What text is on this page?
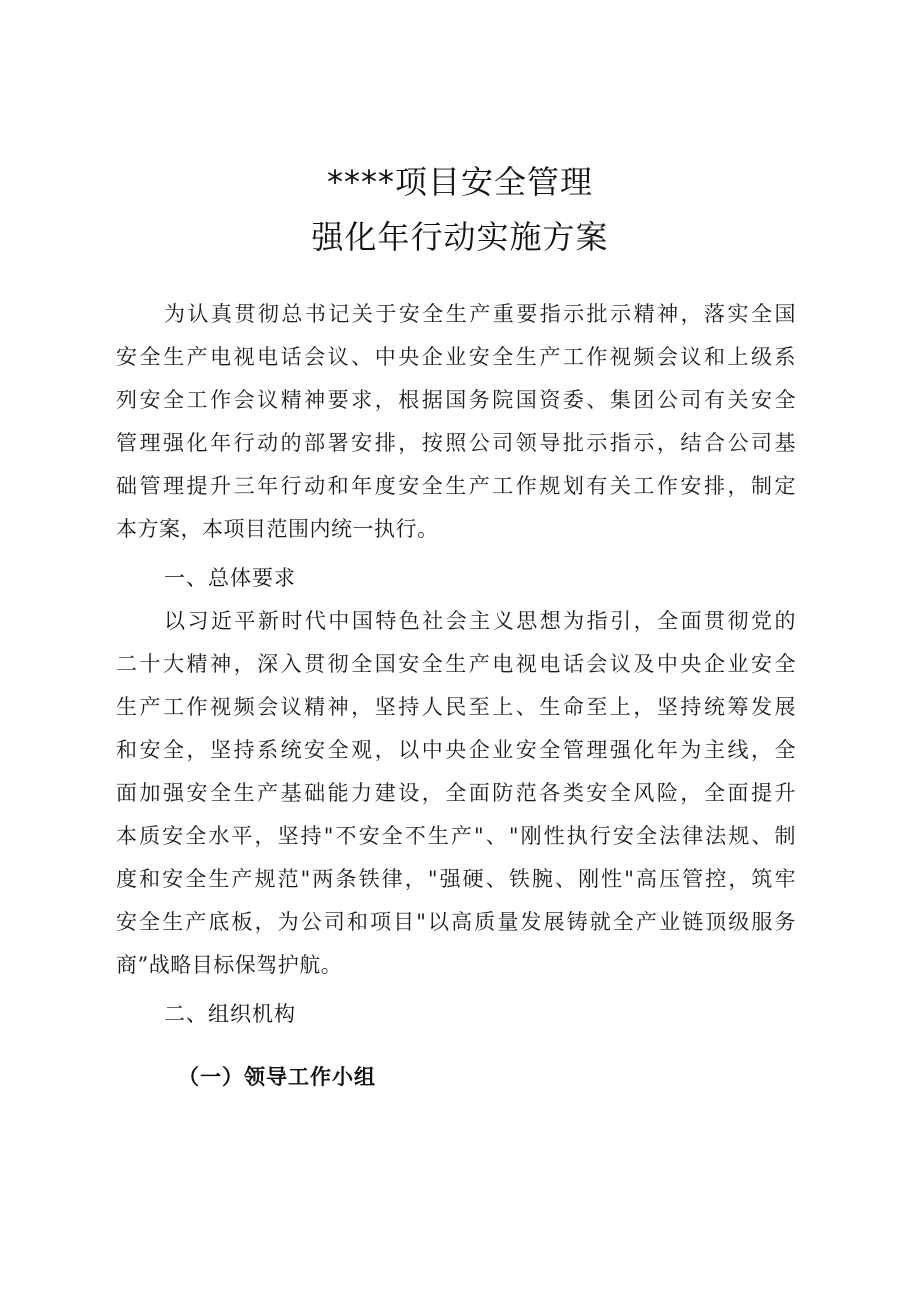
****项目安全管理
强化年行动实施方案
为认真贯彻总书记关于安全生产重要指示批示精神，落实全国
安全生产电视电话会议、中央企业安全生产工作视频会议和上级系
列安全工作会议精神要求，根据国务院国资委、集团公司有关安全
管理强化年行动的部署安排，按照公司领导批示指示，结合公司基
础管理提升三年行动和年度安全生产工作规划有关工作安排，制定
本方案，本项目范围内统一执行。
一、总体要求
以习近平新时代中国特色社会主义思想为指引，全面贯彻党的
二十大精神，深入贯彻全国安全生产电视电话会议及中央企业安全
生产工作视频会议精神，坚持人民至上、生命至上，坚持统筹发展
和安全，坚持系统安全观，以中央企业安全管理强化年为主线，全
面加强安全生产基础能力建设，全面防范各类安全风险，全面提升
本质安全水平，坚持"不安全不生产"、"刚性执行安全法律法规、制
度和安全生产规范"两条铁律，"强硬、铁腕、刚性"高压管控，筑牢
安全生产底板，为公司和项目"以高质量发展铸就全产业链顶级服务
商”战略目标保驾护航。
二、组织机构
（一）领导工作小组
